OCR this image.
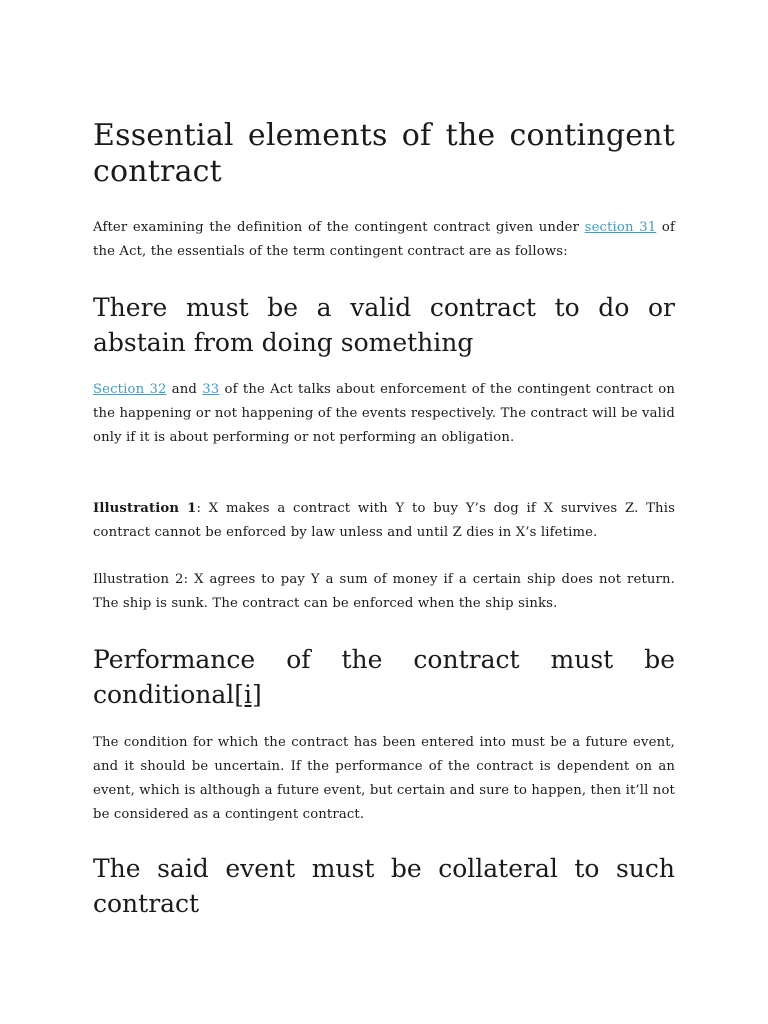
Essential elements of the contingent contract

After examining the definition of the contingent contract given under section 31 of the Act, the essentials of the term contingent contract are as follows:

There must be a valid contract to do or abstain from doing something

Section 32 and 33 of the Act talks about enforcement of the contingent contract on the happening or not happening of the events respectively. The contract will be valid only if it is about performing or not performing an obligation.

Illustration 1: X makes a contract with Y to buy Y’s dog if X survives Z. This contract cannot be enforced by law unless and until Z dies in X’s lifetime.

Illustration 2: X agrees to pay Y a sum of money if a certain ship does not return. The ship is sunk. The contract can be enforced when the ship sinks.

Performance of the contract must be conditional[i]

The condition for which the contract has been entered into must be a future event, and it should be uncertain. If the performance of the contract is dependent on an event, which is although a future event, but certain and sure to happen, then it’ll not be considered as a contingent contract.

The said event must be collateral to such contract
